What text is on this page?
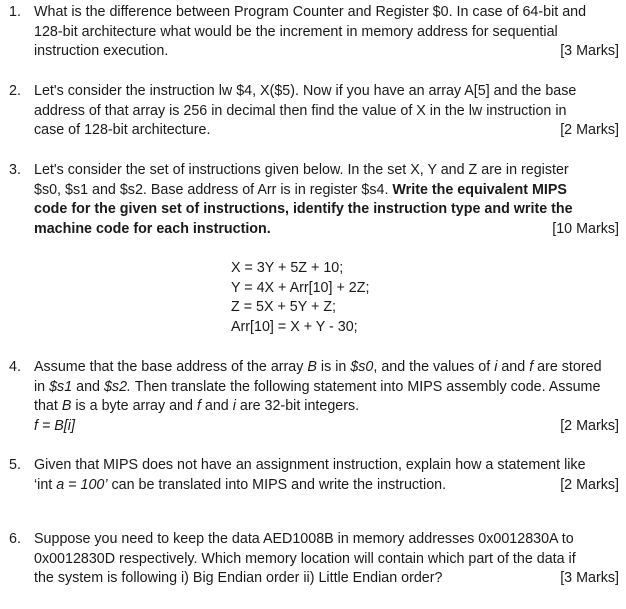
1. What is the difference between Program Counter and Register $0. In case of 64-bit and
128-bit architecture what would be the increment in memory address for sequential
instruction execution.	[3 Marks]
2. Let's consider the instruction lw $4, X($5). Now if you have an array A[5] and the base
address of that array is 256 in decimal then find the value of X in the lw instruction in
case of 128-bit architecture.	[2 Marks]
3. Let's consider the set of instructions given below. In the set X, Y and Z are in register
$s0, $s1 and $s2. Base address of Arr is in register $s4. Write the equivalent MIPS
code for the given set of instructions, identify the instruction type and write the
machine code for each instruction.	[10 Marks]
X = 3Y + 5Z + 10;
Y = 4X + Arr[10] + 2Z;
Z = 5X + 5Y + Z;
Arr[10] = X + Y - 30;
4. Assume that the base address of the array B is in $s0, and the values of i and f are stored
in $s1 and $s2. Then translate the following statement into MIPS assembly code. Assume
that B is a byte array and f and i are 32-bit integers.
f = B[i]	[2 Marks]
5. Given that MIPS does not have an assignment instruction, explain how a statement like
‘int a = 100’ can be translated into MIPS and write the instruction.	[2 Marks]
6. Suppose you need to keep the data AED1008B in memory addresses 0x0012830A to
0x0012830D respectively. Which memory location will contain which part of the data if
the system is following i) Big Endian order ii) Little Endian order?	[3 Marks]
